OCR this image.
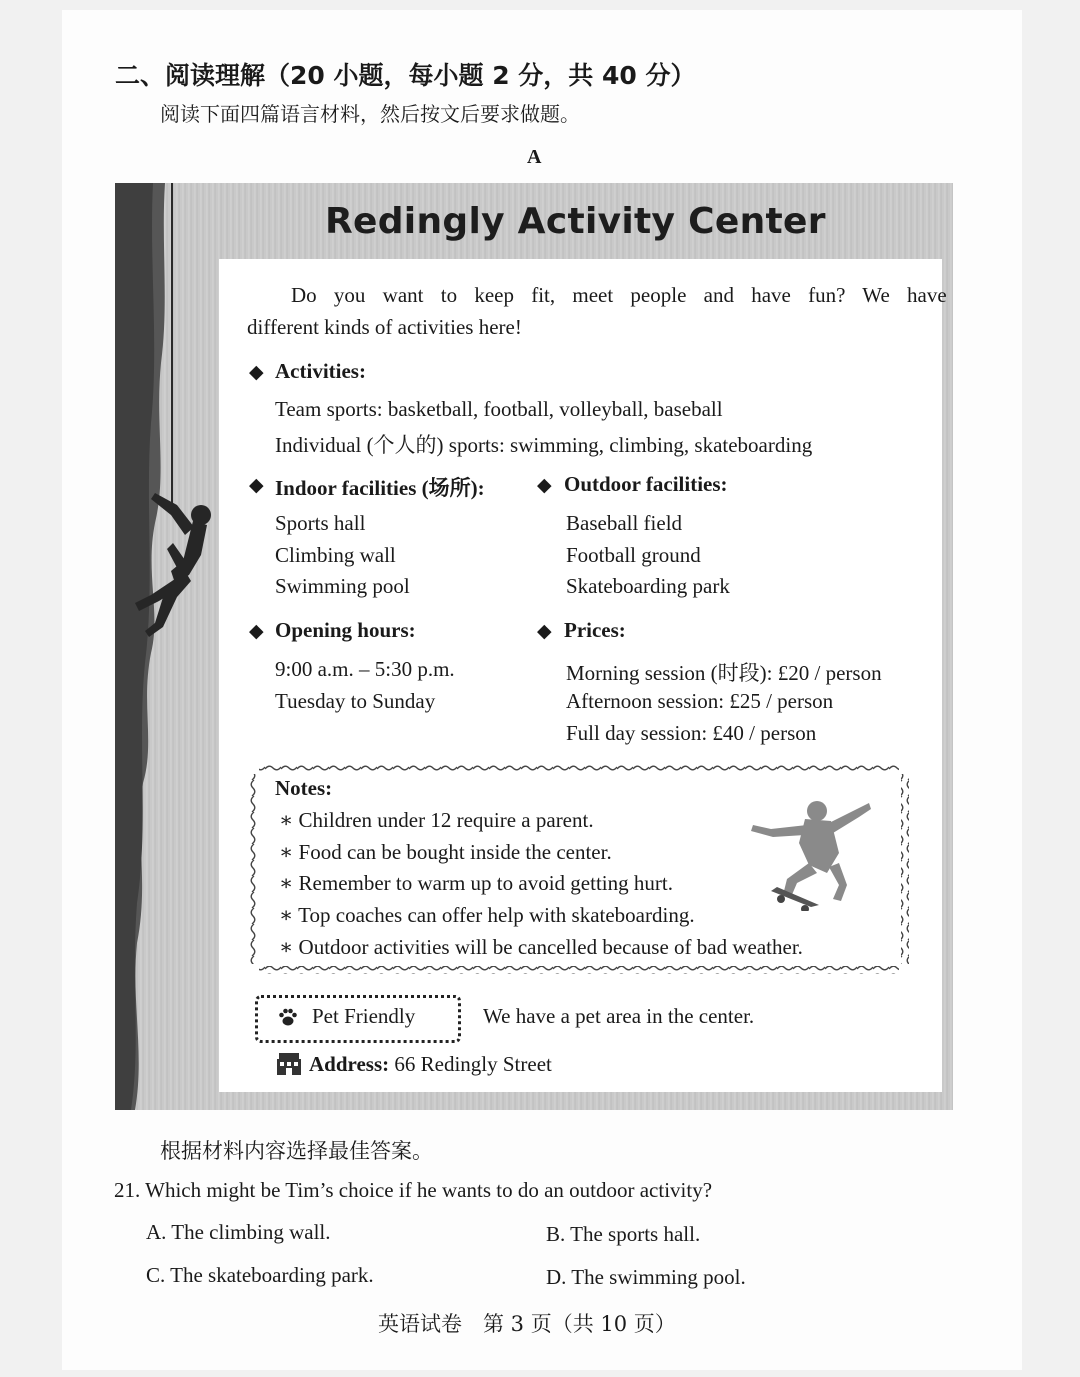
二、阅读理解（20 小题，每小题 2 分，共 40 分）
阅读下面四篇语言材料，然后按文后要求做题。
A
Redingly Activity Center
Do you want to keep fit, meet people and have fun? We have
different kinds of activities here!
◆ Activities:
Team sports: basketball, football, volleyball, baseball
Individual (个人的) sports: swimming, climbing, skateboarding
◆ Indoor facilities (场所):
Sports hall
Climbing wall
Swimming pool
◆ Outdoor facilities:
Baseball field
Football ground
Skateboarding park
◆ Opening hours:
9:00 a.m. – 5:30 p.m.
Tuesday to Sunday
◆ Prices:
Morning session (时段): £20 / person
Afternoon session: £25 / person
Full day session: £40 / person
Notes:
∗ Children under 12 require a parent.
∗ Food can be bought inside the center.
∗ Remember to warm up to avoid getting hurt.
∗ Top coaches can offer help with skateboarding.
∗ Outdoor activities will be cancelled because of bad weather.
Pet Friendly	We have a pet area in the center.
Address: 66 Redingly Street
根据材料内容选择最佳答案。
21. Which might be Tim’s choice if he wants to do an outdoor activity?
A. The climbing wall.	B. The sports hall.
C. The skateboarding park.	D. The swimming pool.
英语试卷　第 3 页（共 10 页）
